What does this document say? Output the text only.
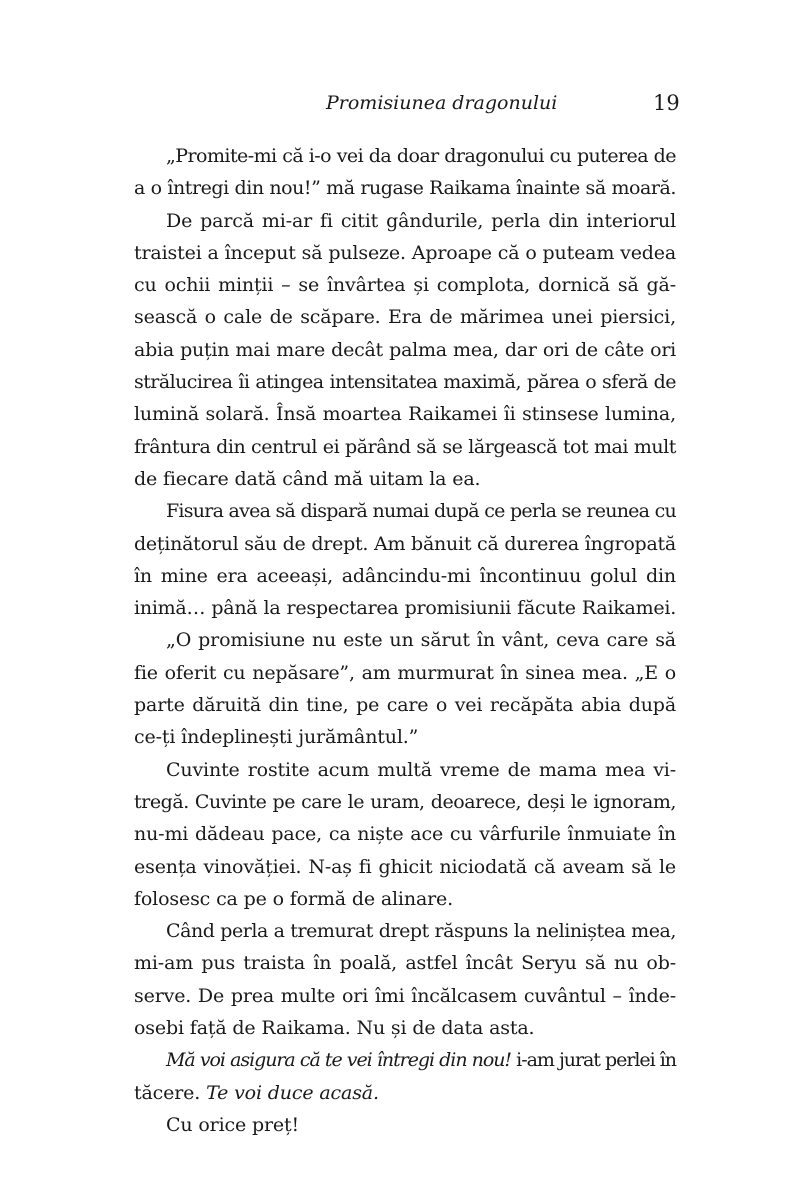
Promisiunea dragonului	19
„Promite-mi că i-o vei da doar dragonului cu puterea de
a o întregi din nou!” mă rugase Raikama înainte să moară.
De parcă mi-ar fi citit gândurile, perla din interiorul
traistei a început să pulseze. Aproape că o puteam vedea
cu ochii minții – se învârtea și complota, dornică să gă-
sească o cale de scăpare. Era de mărimea unei piersici,
abia puțin mai mare decât palma mea, dar ori de câte ori
strălucirea îi atingea intensitatea maximă, părea o sferă de
lumină solară. Însă moartea Raikamei îi stinsese lumina,
frântura din centrul ei părând să se lărgească tot mai mult
de fiecare dată când mă uitam la ea.
Fisura avea să dispară numai după ce perla se reunea cu
deținătorul său de drept. Am bănuit că durerea îngropată
în mine era aceeași, adâncindu-mi încontinuu golul din
inimă… până la respectarea promisiunii făcute Raikamei.
„O promisiune nu este un sărut în vânt, ceva care să
fie oferit cu nepăsare”, am murmurat în sinea mea. „E o
parte dăruită din tine, pe care o vei recăpăta abia după
ce-ți îndeplinești jurământul.”
Cuvinte rostite acum multă vreme de mama mea vi-
tregă. Cuvinte pe care le uram, deoarece, deși le ignoram,
nu-mi dădeau pace, ca niște ace cu vârfurile înmuiate în
esența vinovăției. N-aș fi ghicit niciodată că aveam să le
folosesc ca pe o formă de alinare.
Când perla a tremurat drept răspuns la neliniștea mea,
mi-am pus traista în poală, astfel încât Seryu să nu ob-
serve. De prea multe ori îmi încălcasem cuvântul – înde-
osebi față de Raikama. Nu și de data asta.
Mă voi asigura că te vei întregi din nou! i-am jurat perlei în
tăcere. Te voi duce acasă.
Cu orice preț!
